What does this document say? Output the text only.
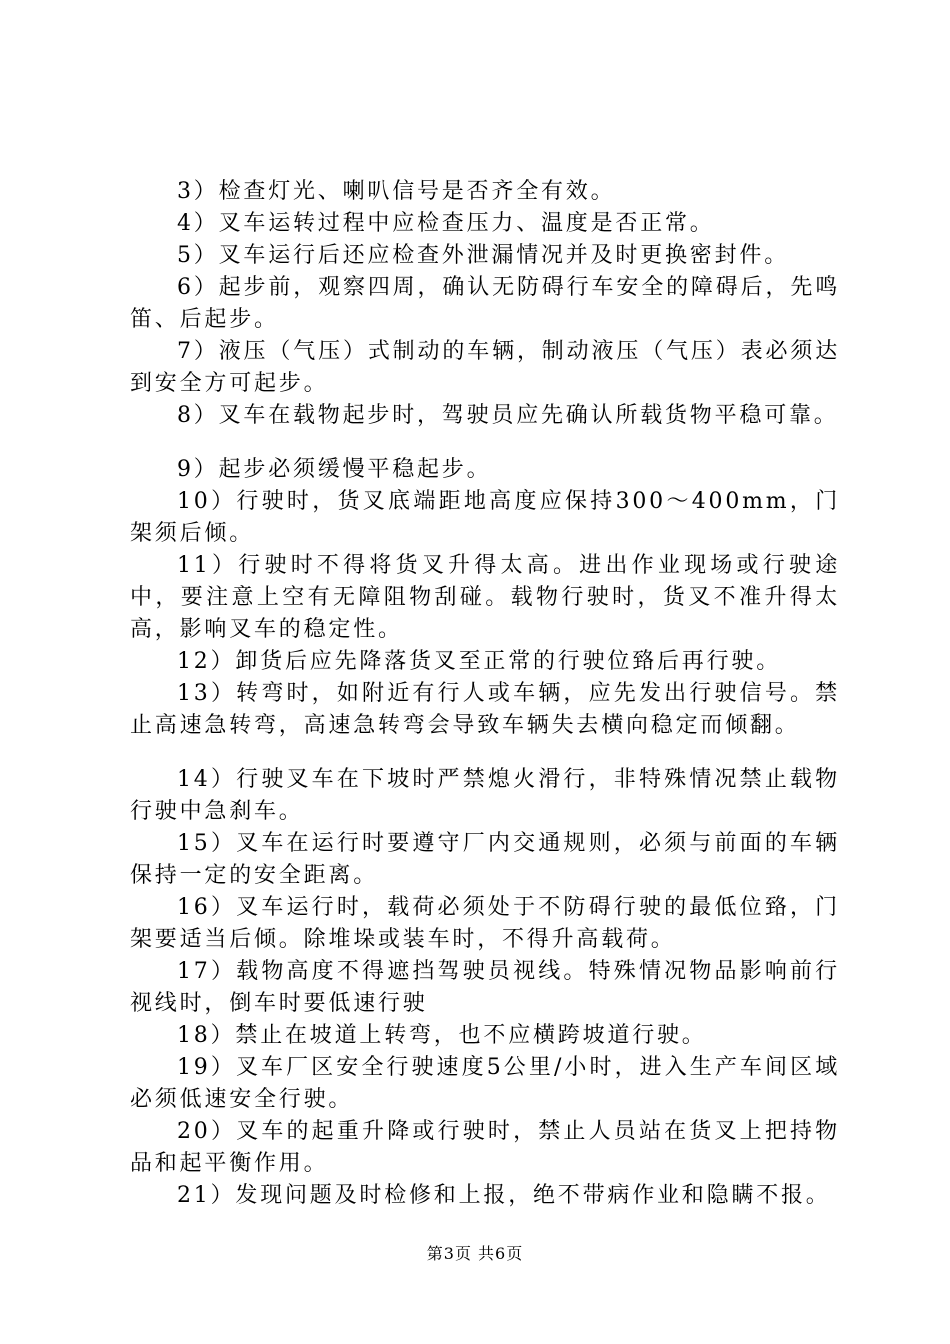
3）检查灯光、喇叭信号是否齐全有效。

4）叉车运转过程中应检查压力、温度是否正常。

5）叉车运行后还应检查外泄漏情况并及时更换密封件。

6）起步前，观察四周，确认无防碍行车安全的障碍后，先鸣笛、后起步。

7）液压（气压）式制动的车辆，制动液压（气压）表必须达到安全方可起步。

8）叉车在载物起步时，驾驶员应先确认所载货物平稳可靠。

9）起步必须缓慢平稳起步。

10）行驶时，货叉底端距地高度应保持300～400mm，门架须后倾。

11）行驶时不得将货叉升得太高。进出作业现场或行驶途中，要注意上空有无障阻物刮碰。载物行驶时，货叉不准升得太高，影响叉车的稳定性。

12）卸货后应先降落货叉至正常的行驶位臵后再行驶。

13）转弯时，如附近有行人或车辆，应先发出行驶信号。禁止高速急转弯，高速急转弯会导致车辆失去横向稳定而倾翻。

14）行驶叉车在下坡时严禁熄火滑行，非特殊情况禁止载物行驶中急刹车。

15）叉车在运行时要遵守厂内交通规则，必须与前面的车辆保持一定的安全距离。

16）叉车运行时，载荷必须处于不防碍行驶的最低位臵，门架要适当后倾。除堆垛或装车时，不得升高载荷。

17）载物高度不得遮挡驾驶员视线。特殊情况物品影响前行视线时，倒车时要低速行驶

18）禁止在坡道上转弯，也不应横跨坡道行驶。

19）叉车厂区安全行驶速度5公里/小时，进入生产车间区域必须低速安全行驶。

20）叉车的起重升降或行驶时，禁止人员站在货叉上把持物品和起平衡作用。

21）发现问题及时检修和上报，绝不带病作业和隐瞒不报。

第3页 共6页
